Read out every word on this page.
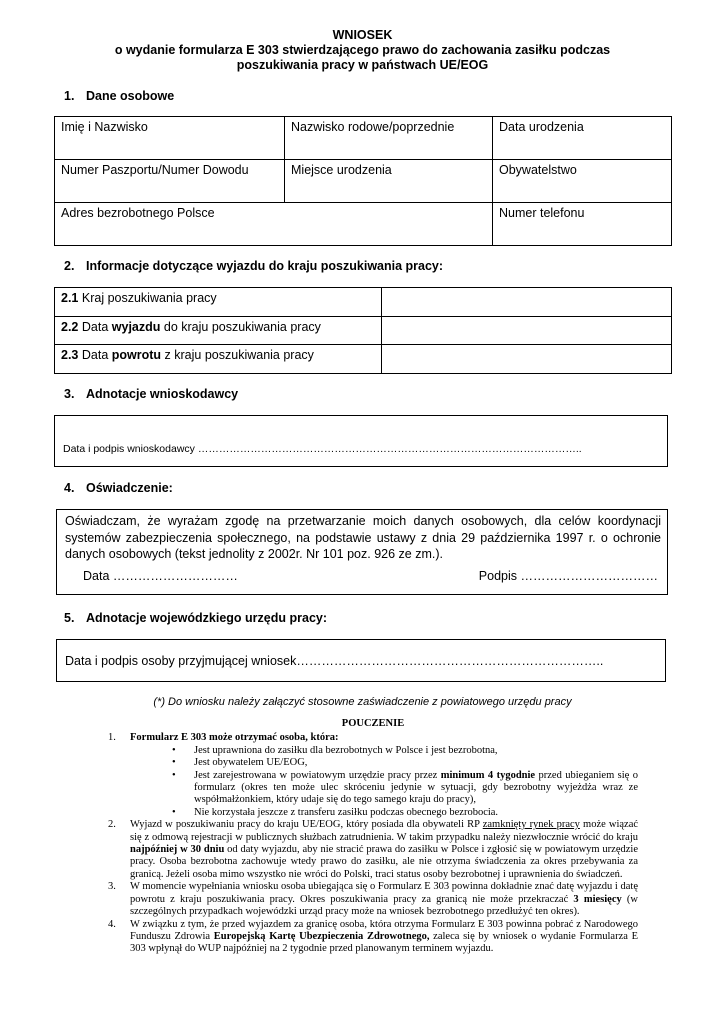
WNIOSEK
o wydanie formularza E 303 stwierdzającego prawo do zachowania zasiłku podczas
poszukiwania pracy w państwach UE/EOG
1. Dane osobowe
Imię i Nazwisko	Nazwisko rodowe/poprzednie	Data urodzenia
Numer Paszportu/Numer Dowodu	Miejsce urodzenia	Obywatelstwo
Adres bezrobotnego Polsce		Numer telefonu
2. Informacje dotyczące wyjazdu do kraju poszukiwania pracy:
2.1 Kraj poszukiwania pracy	
2.2 Data wyjazdu do kraju poszukiwania pracy	
2.3 Data powrotu z kraju poszukiwania pracy	
3. Adnotacje wnioskodawcy
Data i podpis wnioskodawcy ………………………………………………………………………………………………..
4. Oświadczenie:
Oświadczam, że wyrażam zgodę na przetwarzanie moich danych osobowych, dla celów koordynacji systemów zabezpieczenia społecznego, na podstawie ustawy z dnia 29 października 1997 r. o ochronie danych osobowych (tekst jednolity z 2002r. Nr 101 poz. 926 ze zm.).
Data …………………………	Podpis ……………………………
5. Adnotacje wojewódzkiego urzędu pracy:
Data i podpis osoby przyjmującej wniosek………………………………………………………………..
(*) Do wniosku należy załączyć stosowne zaświadczenie z powiatowego urzędu pracy
POUCZENIE
1. Formularz E 303 może otrzymać osoba, która:
• Jest uprawniona do zasiłku dla bezrobotnych w Polsce i jest bezrobotna,
• Jest obywatelem UE/EOG,
• Jest zarejestrowana w powiatowym urzędzie pracy przez minimum 4 tygodnie przed ubieganiem się o formularz (okres ten może ulec skróceniu jedynie w sytuacji, gdy bezrobotny wyjeżdża wraz ze współmałżonkiem, który udaje się do tego samego kraju do pracy),
• Nie korzystała jeszcze z transferu zasiłku podczas obecnego bezrobocia.
2. Wyjazd w poszukiwaniu pracy do kraju UE/EOG, który posiada dla obywateli RP zamknięty rynek pracy może wiązać się z odmową rejestracji w publicznych służbach zatrudnienia. W takim przypadku należy niezwłocznie wrócić do kraju najpóźniej w 30 dniu od daty wyjazdu, aby nie stracić prawa do zasiłku w Polsce i zgłosić się w powiatowym urzędzie pracy. Osoba bezrobotna zachowuje wtedy prawo do zasiłku, ale nie otrzyma świadczenia za okres przebywania za granicą. Jeżeli osoba mimo wszystko nie wróci do Polski, traci status osoby bezrobotnej i uprawnienia do świadczeń.
3. W momencie wypełniania wniosku osoba ubiegająca się o Formularz E 303 powinna dokładnie znać datę wyjazdu i datę powrotu z kraju poszukiwania pracy. Okres poszukiwania pracy za granicą nie może przekraczać 3 miesięcy (w szczególnych przypadkach wojewódzki urząd pracy może na wniosek bezrobotnego przedłużyć ten okres).
4. W związku z tym, że przed wyjazdem za granicę osoba, która otrzyma Formularz E 303 powinna pobrać z Narodowego Funduszu Zdrowia Europejską Kartę Ubezpieczenia Zdrowotnego, zaleca się by wniosek o wydanie Formularza E 303 wpłynął do WUP najpóźniej na 2 tygodnie przed planowanym terminem wyjazdu.
